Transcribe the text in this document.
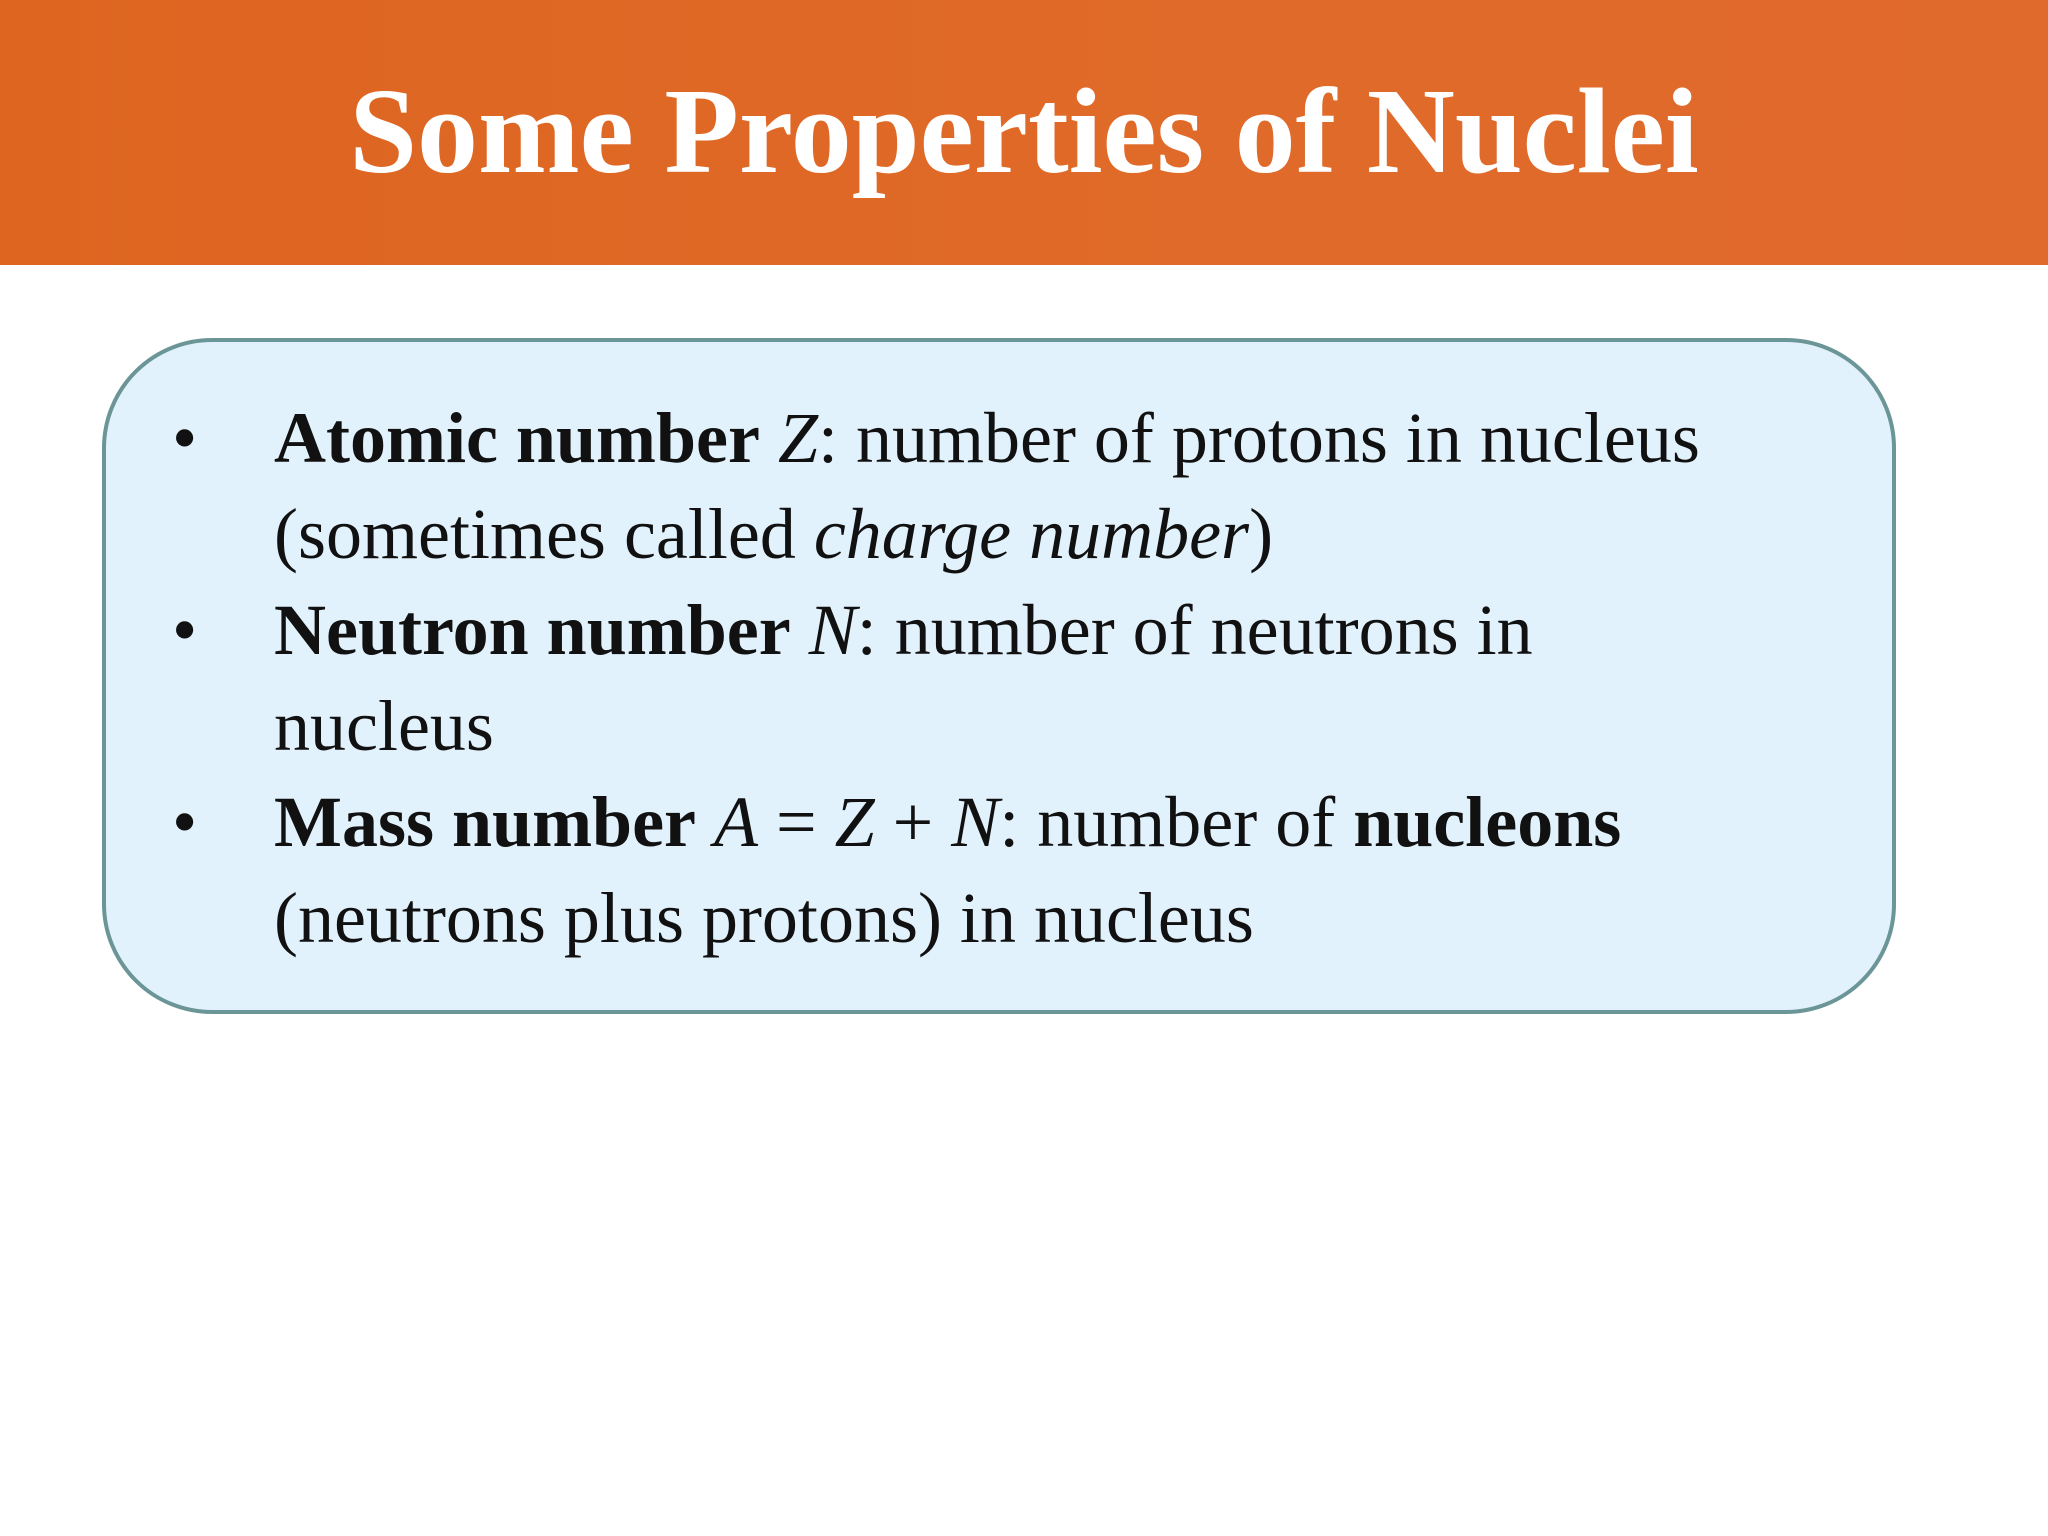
Some Properties of Nuclei
• Atomic number Z: number of protons in nucleus
(sometimes called charge number)
• Neutron number N: number of neutrons in
nucleus
• Mass number A = Z + N: number of nucleons
(neutrons plus protons) in nucleus
